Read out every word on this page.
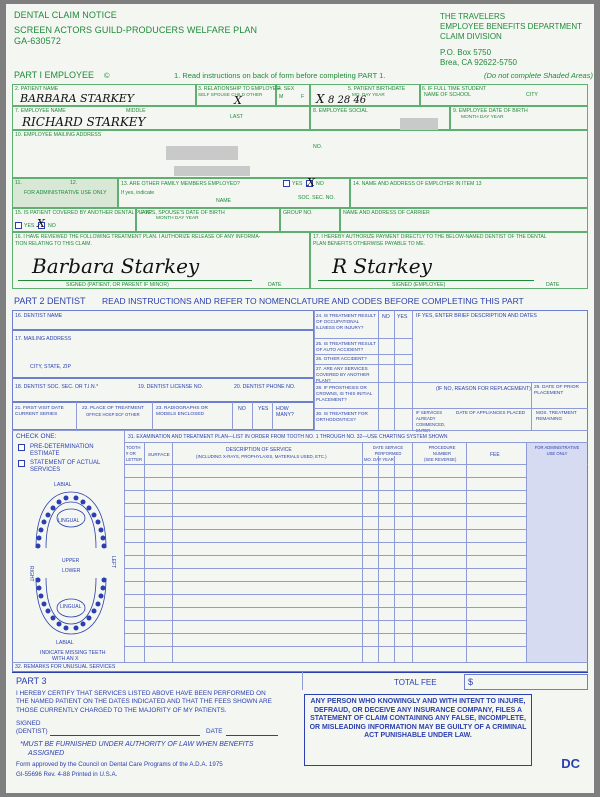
DENTAL CLAIM NOTICE
SCREEN ACTORS GUILD-PRODUCERS WELFARE PLAN
GA-630572
THE TRAVELERS
EMPLOYEE BENEFITS DEPARTMENT
CLAIM DIVISION
P.O. Box 5750
Brea, CA 92622-5750
PART I EMPLOYEE ©	1. Read instructions on back of form before completing PART 1.	(Do not complete Shaded Areas)
2. PATIENT NAME
BARBARA STARKEY
3. RELATIONSHIP TO EMPLOYEE
SELF SPOUSE CHILD OTHER
X
4. SEX
M	F X
5. PATIENT BIRTHDATE
MO. DAY YEAR
8 28 46
6. IF FULL TIME STUDENT
NAME OF SCHOOL	CITY
7. EMPLOYEE NAME	MIDDLE
LAST
RICHARD STARKEY
8. EMPLOYEE SOCIAL	9. EMPLOYEE DATE OF BIRTH
MONTH DAY YEAR
10. EMPLOYEE MAILING ADDRESS
NO.
11.	12.
FOR ADMINISTRATIVE USE ONLY
13. ARE OTHER FAMILY MEMBERS EMPLOYED?
If yes, indicate
YES X NO
NAME	SOC. SEC. NO.
14. NAME AND ADDRESS OF EMPLOYER IN ITEM 13
15. IS PATIENT COVERED BY ANOTHER DENTAL PLAN?
YES X NO
IF YES, SPOUSE'S DATE OF BIRTH
MONTH DAY YEAR
GROUP NO.	NAME AND ADDRESS OF CARRIER
16. I HAVE REVIEWED THE FOLLOWING TREATMENT PLAN. I AUTHORIZE RELEASE OF ANY INFORMA-
TION RELATING TO THIS CLAIM.
Barbara Starkey
SIGNED (PATIENT, OR PARENT IF MINOR)	DATE
17. I HEREBY AUTHORIZE PAYMENT DIRECTLY TO THE BELOW-NAMED DENTIST OF THE DENTAL
PLAN BENEFITS OTHERWISE PAYABLE TO ME.
R Starkey
SIGNED (EMPLOYEE)	DATE
PART 2 DENTIST READ INSTRUCTIONS AND REFER TO NOMENCLATURE AND CODES BEFORE COMPLETING THIS PART
16. DENTIST NAME
17. MAILING ADDRESS
CITY, STATE, ZIP
18. DENTIST SOC. SEC. OR T.I.N.*	19. DENTIST LICENSE NO.	20. DENTIST PHONE NO.
21. FIRST VISIT DATE CURRENT SERIES
22. PLACE OF TREATMENT
OFFICE HOSP ECF OTHER
23. RADIOGRAPHS OR MODELS ENCLOSED
NO YES HOW MANY?
24. IS TREATMENT RESULT OF OCCUPATIONAL ILLNESS OR INJURY?
NO YES IF YES, ENTER BRIEF DESCRIPTION AND DATES
25. IS TREATMENT RESULT OF AUTO ACCIDENT?
26. OTHER ACCIDENT?
27. ARE ANY SERVICES COVERED BY ANOTHER PLAN?
28. IF PROSTHESIS OR CROWNS, IS THIS INITIAL PLACEMENT?
(IF NO, REASON FOR REPLACEMENT) 29. DATE OF PRIOR PLACEMENT
30. IS TREATMENT FOR ORTHODONTICS?
IF SERVICES ALREADY COMMENCED,
DATE OF APPLIANCES PLACED MOS. TREATMENT REMAINING
CHECK ONE:
PRE-DETERMINATION ESTIMATE
STATEMENT OF ACTUAL SERVICES
LABIAL
RIGHT
LEFT
UPPER
LOWER
LINGUAL
LINGUAL
LABIAL
INDICATE MISSING TEETH
WITH AN X
31. EXAMINATION AND TREATMENT PLAN—LIST IN ORDER FROM TOOTH NO. 1 THROUGH NO. 32—USE CHARTING SYSTEM SHOWN
TOOTH # OR LETTER
SURFACE
DESCRIPTION OF SERVICE
(INCLUDING X-RAYS, PROPHYLAXIS, MATERIALS USED, ETC.)
DATE SERVICE PERFORMED
MO. DAY YEAR
PROCEDURE NUMBER
(SEE REVERSE)
FEE
FOR ADMINISTRATIVE USE ONLY
32. REMARKS FOR UNUSUAL SERVICES
PART 3	TOTAL FEE	$
I HEREBY CERTIFY THAT SERVICES LISTED ABOVE HAVE BEEN PERFORMED ON
THE NAMED PATIENT ON THE DATES INDICATED AND THAT THE FEES SHOWN ARE
THOSE CURRENTLY CHARGED TO THE MAJORITY OF MY PATIENTS.
SIGNED
(DENTIST)	DATE
*MUST BE FURNISHED UNDER AUTHORITY OF LAW WHEN BENEFITS
ASSIGNED
Form approved by the Council on Dental Care Programs of the A.D.A. 1975
GI-55696 Rev. 4-88 Printed in U.S.A.
ANY PERSON WHO KNOWINGLY AND WITH INTENT TO INJURE, DEFRAUD, OR DECEIVE ANY INSURANCE COMPANY, FILES A STATEMENT OF CLAIM CONTAINING ANY FALSE, INCOMPLETE, OR MISLEADING INFORMATION MAY BE GUILTY OF A CRIMINAL ACT PUNISHABLE UNDER LAW.
DC
